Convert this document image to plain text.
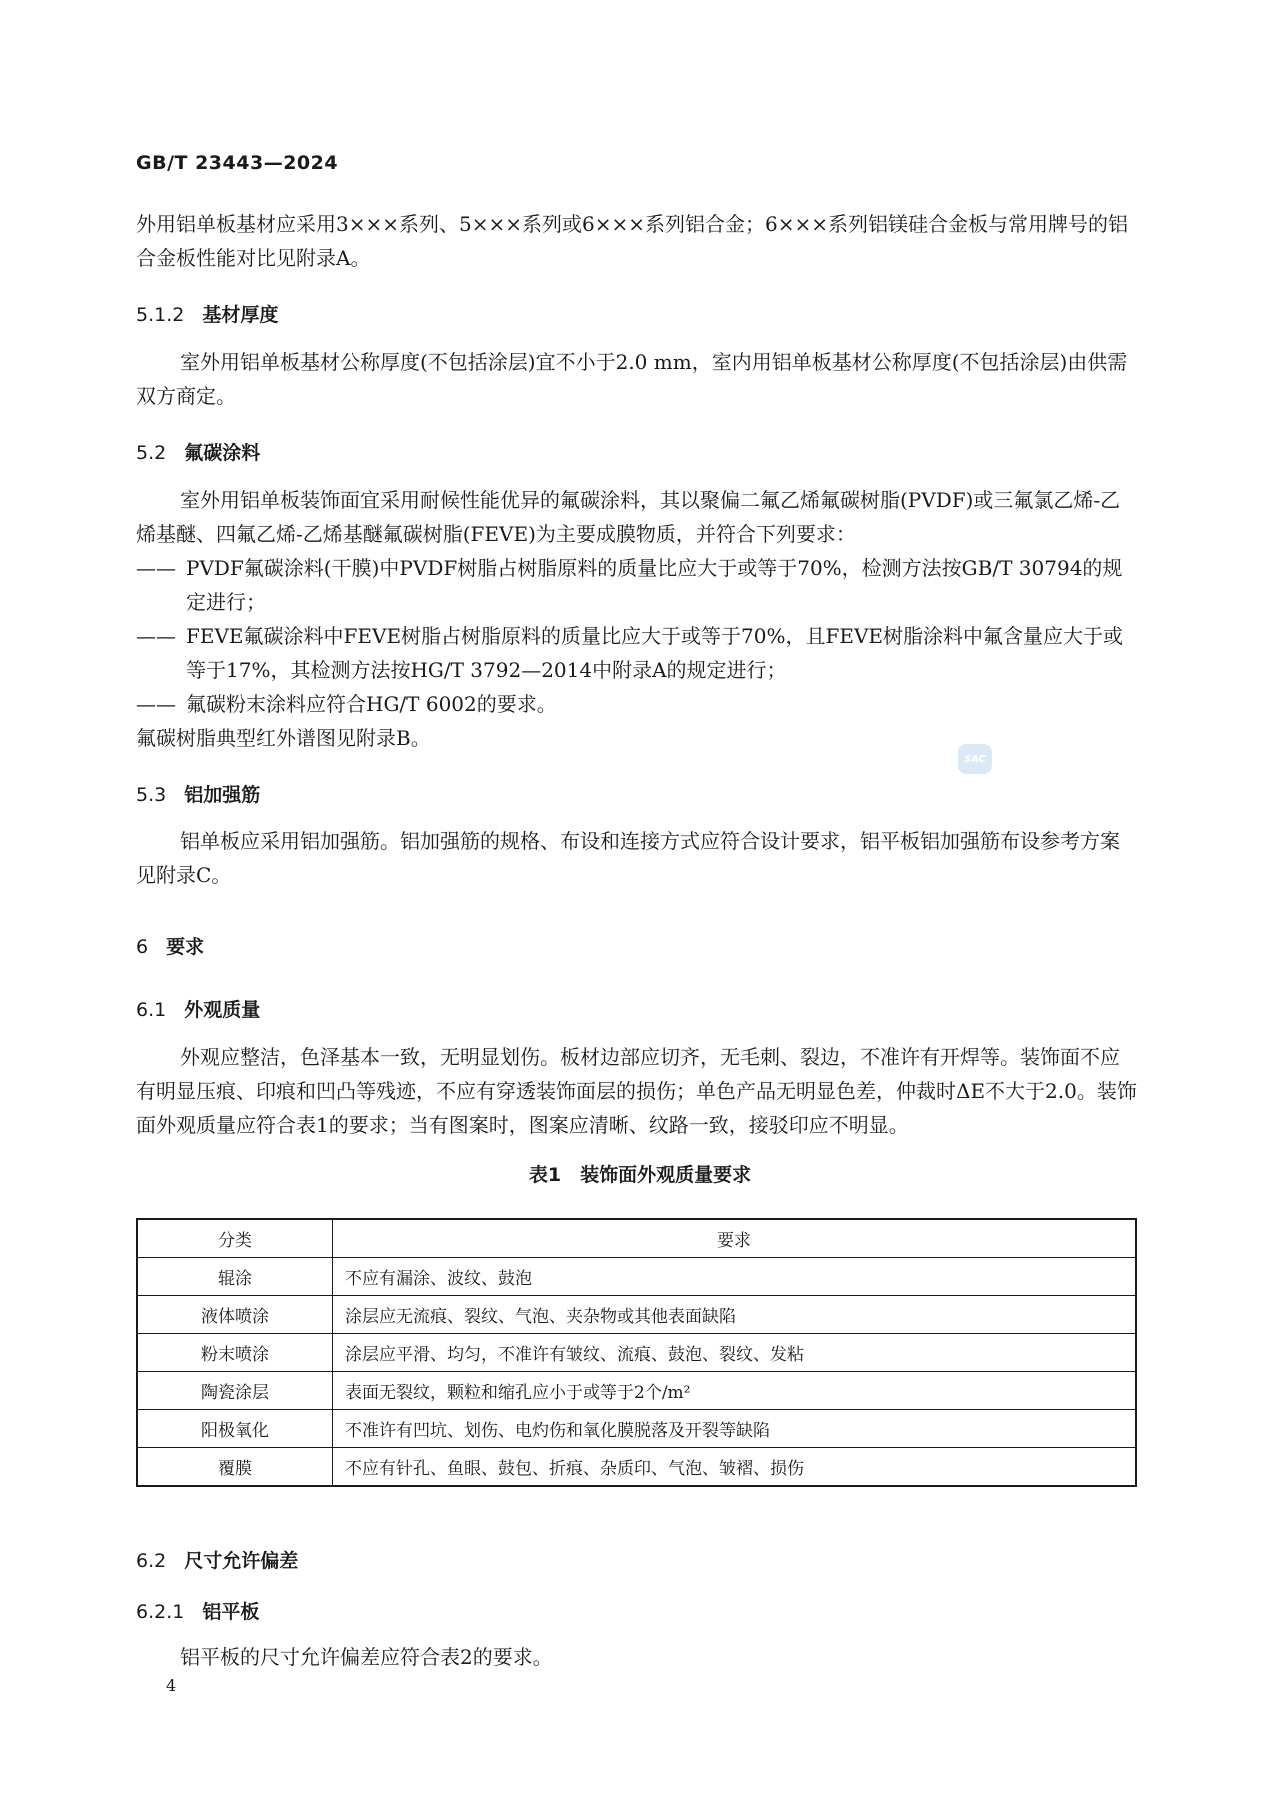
GB/T 23443—2024

外用铝单板基材应采用3×××系列、5×××系列或6×××系列铝合金；6×××系列铝镁硅合金板与常用牌号的铝合金板性能对比见附录A。

5.1.2 基材厚度

室外用铝单板基材公称厚度(不包括涂层)宜不小于2.0 mm，室内用铝单板基材公称厚度(不包括涂层)由供需双方商定。

5.2 氟碳涂料

室外用铝单板装饰面宜采用耐候性能优异的氟碳涂料，其以聚偏二氟乙烯氟碳树脂(PVDF)或三氟氯乙烯-乙烯基醚、四氟乙烯-乙烯基醚氟碳树脂(FEVE)为主要成膜物质，并符合下列要求：

—— PVDF氟碳涂料(干膜)中PVDF树脂占树脂原料的质量比应大于或等于70%，检测方法按GB/T 30794的规定进行；

—— FEVE氟碳涂料中FEVE树脂占树脂原料的质量比应大于或等于70%，且FEVE树脂涂料中氟含量应大于或等于17%，其检测方法按HG/T 3792—2014中附录A的规定进行；

—— 氟碳粉末涂料应符合HG/T 6002的要求。

氟碳树脂典型红外谱图见附录B。

SAC
5.3 铝加强筋

铝单板应采用铝加强筋。铝加强筋的规格、布设和连接方式应符合设计要求，铝平板铝加强筋布设参考方案见附录C。

6 要求
6.1 外观质量

外观应整洁，色泽基本一致，无明显划伤。板材边部应切齐，无毛刺、裂边，不准许有开焊等。装饰面不应有明显压痕、印痕和凹凸等残迹，不应有穿透装饰面层的损伤；单色产品无明显色差，仲裁时ΔE不大于2.0。装饰面外观质量应符合表1的要求；当有图案时，图案应清晰、纹路一致，接驳印应不明显。

表1　装饰面外观质量要求
分类	要求
辊涂	不应有漏涂、波纹、鼓泡
液体喷涂	涂层应无流痕、裂纹、气泡、夹杂物或其他表面缺陷
粉末喷涂	涂层应平滑、均匀，不准许有皱纹、流痕、鼓泡、裂纹、发粘
陶瓷涂层	表面无裂纹，颗粒和缩孔应小于或等于2个/m²
阳极氧化	不准许有凹坑、划伤、电灼伤和氧化膜脱落及开裂等缺陷
覆膜	不应有针孔、鱼眼、鼓包、折痕、杂质印、气泡、皱褶、损伤
6.2 尺寸允许偏差
6.2.1 铝平板

铝平板的尺寸允许偏差应符合表2的要求。

4
